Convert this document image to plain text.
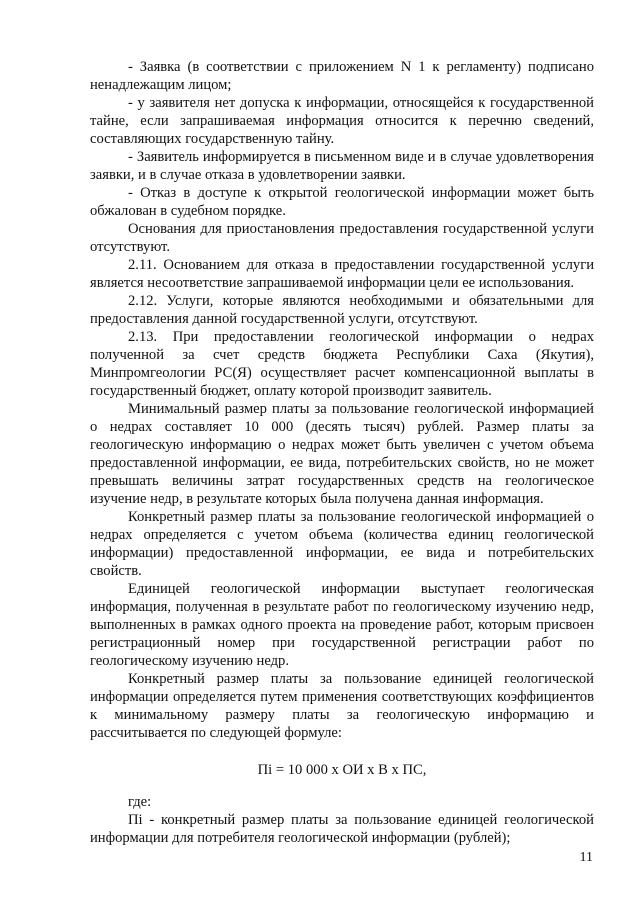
- Заявка (в соответствии с приложением N 1 к регламенту) подписано ненадлежащим лицом;

- у заявителя нет допуска к информации, относящейся к государственной тайне, если запрашиваемая информация относится к перечню сведений, составляющих государственную тайну.

- Заявитель информируется в письменном виде и в случае удовлетворения заявки, и в случае отказа в удовлетворении заявки.

- Отказ в доступе к открытой геологической информации может быть обжалован в судебном порядке.

Основания для приостановления предоставления государственной услуги отсутствуют.

2.11. Основанием для отказа в предоставлении государственной услуги является несоответствие запрашиваемой информации цели ее использования.

2.12. Услуги, которые являются необходимыми и обязательными для предоставления данной государственной услуги, отсутствуют.

2.13. При предоставлении геологической информации о недрах полученной за счет средств бюджета Республики Саха (Якутия), Минпромгеологии РС(Я) осуществляет расчет компенсационной выплаты в государственный бюджет, оплату которой производит заявитель.

Минимальный размер платы за пользование геологической информацией о недрах составляет 10 000 (десять тысяч) рублей. Размер платы за геологическую информацию о недрах может быть увеличен с учетом объема предоставленной информации, ее вида, потребительских свойств, но не может превышать величины затрат государственных средств на геологическое изучение недр, в результате которых была получена данная информация.

Конкретный размер платы за пользование геологической информацией о недрах определяется с учетом объема (количества единиц геологической информации) предоставленной информации, ее вида и потребительских свойств.

Единицей геологической информации выступает геологическая информация, полученная в результате работ по геологическому изучению недр, выполненных в рамках одного проекта на проведение работ, которым присвоен регистрационный номер при государственной регистрации работ по геологическому изучению недр.

Конкретный размер платы за пользование единицей геологической информации определяется путем применения соответствующих коэффициентов к минимальному размеру платы за геологическую информацию и рассчитывается по следующей формуле:

Пi = 10 000 х ОИ х В х ПС,

где:

Пi - конкретный размер платы за пользование единицей геологической информации для потребителя геологической информации (рублей);

11
